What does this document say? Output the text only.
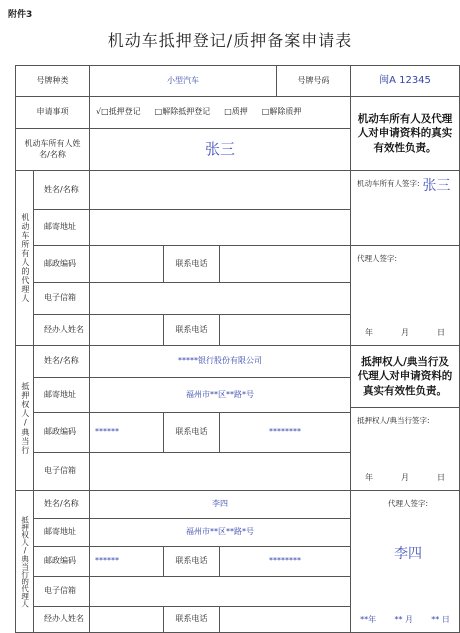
附件3
机动车抵押登记/质押备案申请表
号牌种类	小型汽车	号牌号码	闽A 12345
申请事项	√□抵押登记 □解除抵押登记 □质押 □解除质押
机动车所有人及代理人对申请资料的真实有效性负责。
机动车所有人姓名/名称	张三
机动车所有人的代理人
姓名/名称
邮寄地址
邮政编码	联系电话
电子信箱
经办人姓名	联系电话
机动车所有人签字: 张三
代理人签字:
年	月	日
抵押权人/典当行
姓名/名称	*****银行股份有限公司
邮寄地址	福州市**区**路*号
邮政编码	******	联系电话	********
电子信箱
抵押权人/典当行及代理人对申请资料的真实有效性负责。
抵押权人/典当行签字:
年	月	日
抵押权人/典当行的代理人
姓名/名称	李四
邮寄地址	福州市**区**路*号
邮政编码	******	联系电话	********
电子信箱
经办人姓名	联系电话
代理人签字:
李四
**年 ** 月 ** 日
